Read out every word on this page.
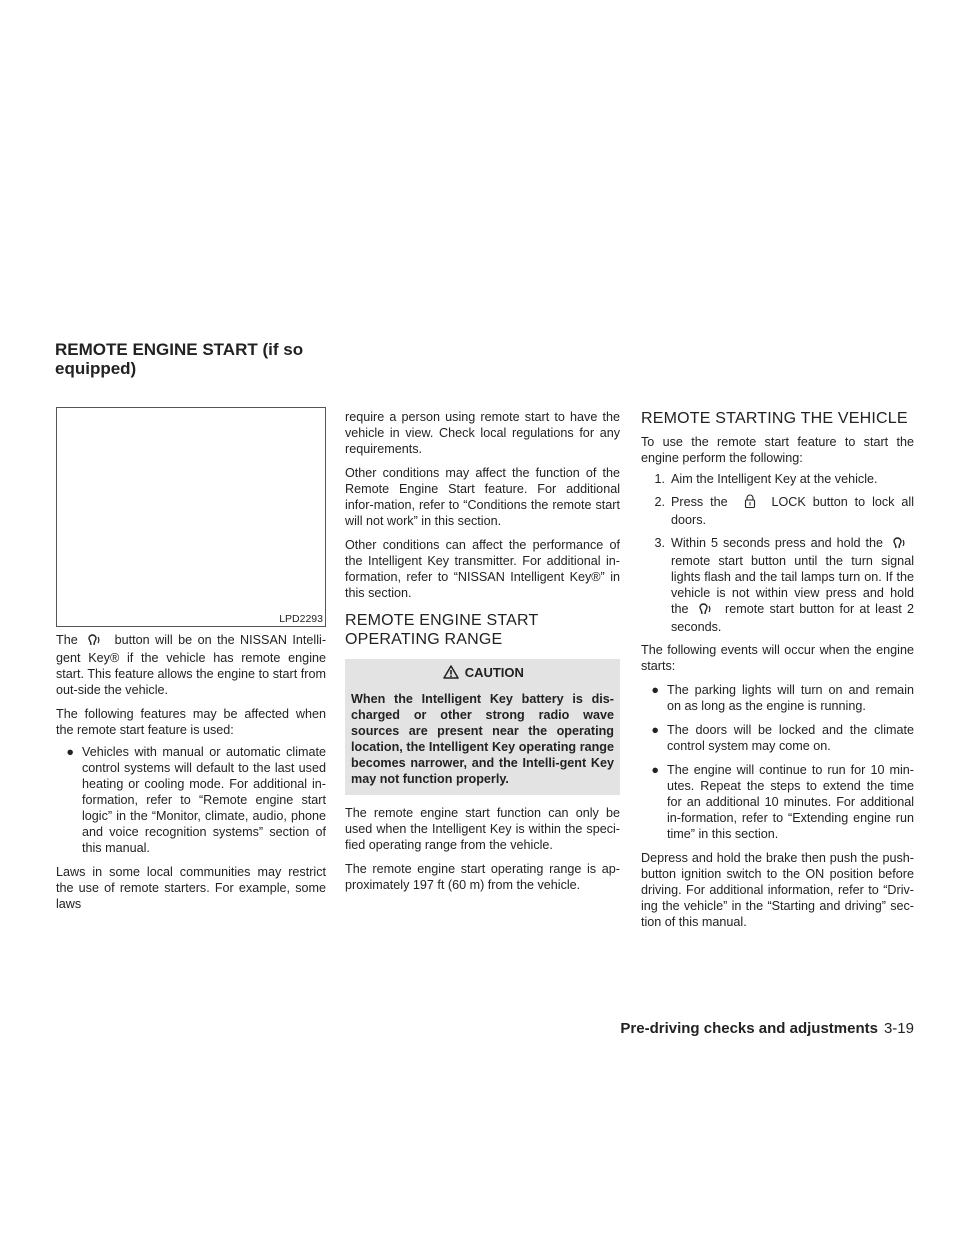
REMOTE ENGINE START (if so equipped)
LPD2293

The	button will be on the NISSAN Intelli-gent Key® if the vehicle has remote engine start. This feature allows the engine to start from out-side the vehicle.

The following features may be affected when the remote start feature is used:

● Vehicles with manual or automatic climate control systems will default to the last used heating or cooling mode. For additional in-formation, refer to “Remote engine start logic” in the “Monitor, climate, audio, phone and voice recognition systems” section of this manual.

Laws in some local communities may restrict the use of remote starters. For example, some laws

require a person using remote start to have the vehicle in view. Check local regulations for any requirements.

Other conditions may affect the function of the Remote Engine Start feature. For additional infor-mation, refer to “Conditions the remote start will not work” in this section.

Other conditions can affect the performance of the Intelligent Key transmitter. For additional in-formation, refer to “NISSAN Intelligent Key®” in this section.

REMOTE ENGINE START
OPERATING RANGE
CAUTION

When the Intelligent Key battery is dis-charged or other strong radio wave sources are present near the operating location, the Intelligent Key operating range becomes narrower, and the Intelli-gent Key may not function properly.

The remote engine start function can only be used when the Intelligent Key is within the speci-fied operating range from the vehicle.

The remote engine start operating range is ap-proximately 197 ft (60 m) from the vehicle.

REMOTE STARTING THE VEHICLE

To use the remote start feature to start the engine perform the following:

1. Aim the Intelligent Key at the vehicle.
2. Press the	LOCK button to lock all doors.
3. Within 5 seconds press and hold the  remote start button until the turn signal lights flash and the tail lamps turn on. If the vehicle is not within view press and hold the	remote start button for at least 2 seconds.

The following events will occur when the engine starts:

● The parking lights will turn on and remain on as long as the engine is running.
● The doors will be locked and the climate control system may come on.
● The engine will continue to run for 10 min-utes. Repeat the steps to extend the time for an additional 10 minutes. For additional in-formation, refer to “Extending engine run time” in this section.

Depress and hold the brake then push the push-button ignition switch to the ON position before driving. For additional information, refer to “Driv-ing the vehicle” in the “Starting and driving” sec-tion of this manual.

Pre-driving checks and adjustments 3-19
